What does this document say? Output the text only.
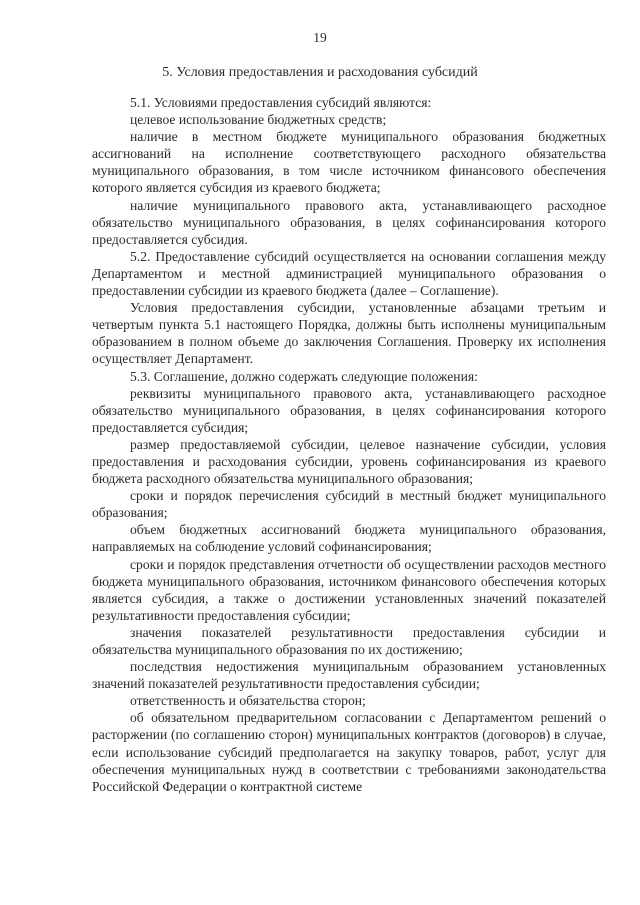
19
5. Условия предоставления и расходования субсидий

5.1. Условиями предоставления субсидий являются:

целевое использование бюджетных средств;

наличие в местном бюджете муниципального образования бюджетных ассигнований на исполнение соответствующего расходного обязательства муниципального образования, в том числе источником финансового обеспечения которого является субсидия из краевого бюджета;

наличие муниципального правового акта, устанавливающего расходное обязательство муниципального образования, в целях софинансирования которого предоставляется субсидия.

5.2. Предоставление субсидий осуществляется на основании соглашения между Департаментом и местной администрацией муниципального образования о предоставлении субсидии из краевого бюджета (далее – Соглашение).

Условия предоставления субсидии, установленные абзацами третьим и четвертым пункта 5.1 настоящего Порядка, должны быть исполнены муниципальным образованием в полном объеме до заключения Соглашения. Проверку их исполнения осуществляет Департамент.

5.3. Соглашение, должно содержать следующие положения:

реквизиты муниципального правового акта, устанавливающего расходное обязательство муниципального образования, в целях софинансирования которого предоставляется субсидия;

размер предоставляемой субсидии, целевое назначение субсидии, условия предоставления и расходования субсидии, уровень софинансирования из краевого бюджета расходного обязательства муниципального образования;

сроки и порядок перечисления субсидий в местный бюджет муниципального образования;

объем бюджетных ассигнований бюджета муниципального образования, направляемых на соблюдение условий софинансирования;

сроки и порядок представления отчетности об осуществлении расходов местного бюджета муниципального образования, источником финансового обеспечения которых является субсидия, а также о достижении установленных значений показателей результативности предоставления субсидии;

значения показателей результативности предоставления субсидии и обязательства муниципального образования по их достижению;

последствия недостижения муниципальным образованием установленных значений показателей результативности предоставления субсидии;

ответственность и обязательства сторон;

об обязательном предварительном согласовании с Департаментом решений о расторжении (по соглашению сторон) муниципальных контрактов (договоров) в случае, если использование субсидий предполагается на закупку товаров, работ, услуг для обеспечения муниципальных нужд в соответствии с требованиями законодательства Российской Федерации о контрактной системе
